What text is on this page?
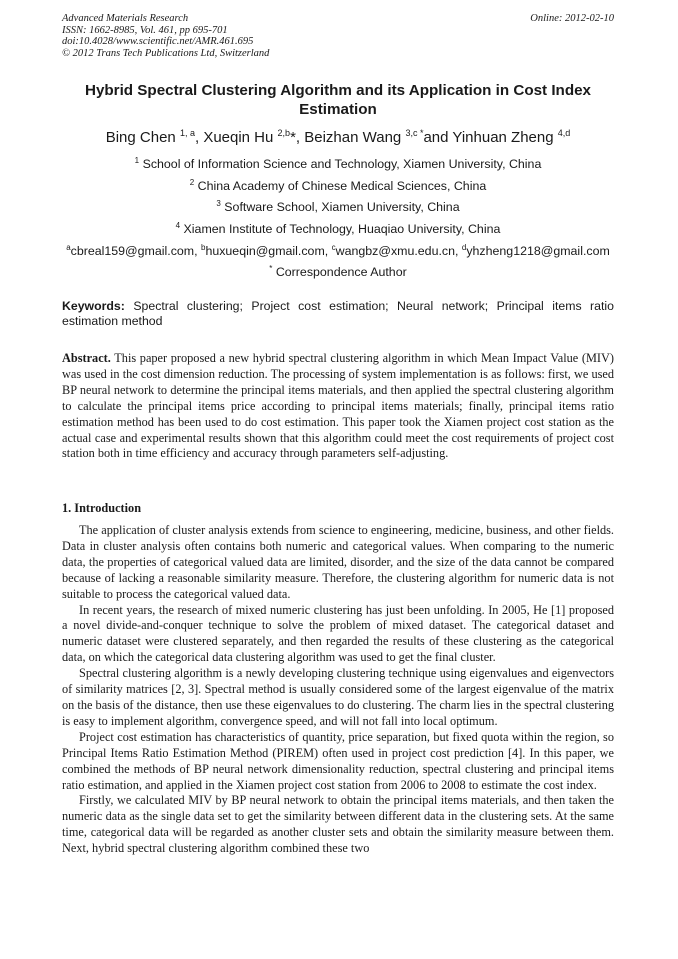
Advanced Materials Research
ISSN: 1662-8985, Vol. 461, pp 695-701
doi:10.4028/www.scientific.net/AMR.461.695
© 2012 Trans Tech Publications Ltd, Switzerland
Online: 2012-02-10
Hybrid Spectral Clustering Algorithm and its Application in Cost Index Estimation
Bing Chen $^{1, a}$, Xueqin Hu $^{2,b}$*, Beizhan Wang $^{3,c *}$and Yinhuan Zheng $^{4,d}$
$^1$ School of Information Science and Technology, Xiamen University, China
$^2$ China Academy of Chinese Medical Sciences, China
$^3$ Software School, Xiamen University, China
$^4$ Xiamen Institute of Technology, Huaqiao University, China
$^a$cbreal159@gmail.com, $^b$huxueqin@gmail.com, $^c$wangbz@xmu.edu.cn, $^d$yhzheng1218@gmail.com
* Correspondence Author
Keywords: Spectral clustering; Project cost estimation; Neural network; Principal items ratio estimation method
Abstract. This paper proposed a new hybrid spectral clustering algorithm in which Mean Impact Value (MIV) was used in the cost dimension reduction. The processing of system implementation is as follows: first, we used BP neural network to determine the principal items materials, and then applied the spectral clustering algorithm to calculate the principal items price according to principal items materials; finally, principal items ratio estimation method has been used to do cost estimation. This paper took the Xiamen project cost station as the actual case and experimental results shown that this algorithm could meet the cost requirements of project cost station both in time efficiency and accuracy through parameters self-adjusting.
1. Introduction

The application of cluster analysis extends from science to engineering, medicine, business, and other fields. Data in cluster analysis often contains both numeric and categorical values. When comparing to the numeric data, the properties of categorical valued data are limited, disorder, and the size of the data cannot be compared because of lacking a reasonable similarity measure. Therefore, the clustering algorithm for numeric data is not suitable to process the categorical valued data.

In recent years, the research of mixed numeric clustering has just been unfolding. In 2005, He [1] proposed a novel divide-and-conquer technique to solve the problem of mixed dataset. The categorical dataset and numeric dataset were clustered separately, and then regarded the results of these clustering as the categorical data, on which the categorical data clustering algorithm was used to get the final cluster.

Spectral clustering algorithm is a newly developing clustering technique using eigenvalues and eigenvectors of similarity matrices [2, 3]. Spectral method is usually considered some of the largest eigenvalue of the matrix on the basis of the distance, then use these eigenvalues to do clustering. The charm lies in the spectral clustering is easy to implement algorithm, convergence speed, and will not fall into local optimum.

Project cost estimation has characteristics of quantity, price separation, but fixed quota within the region, so Principal Items Ratio Estimation Method (PIREM) often used in project cost prediction [4]. In this paper, we combined the methods of BP neural network dimensionality reduction, spectral clustering and principal items ratio estimation, and applied in the Xiamen project cost station from 2006 to 2008 to estimate the cost index.

Firstly, we calculated MIV by BP neural network to obtain the principal items materials, and then taken the numeric data as the single data set to get the similarity between different data in the clustering sets. At the same time, categorical data will be regarded as another cluster sets and obtain the similarity measure between them. Next, hybrid spectral clustering algorithm combined these two
